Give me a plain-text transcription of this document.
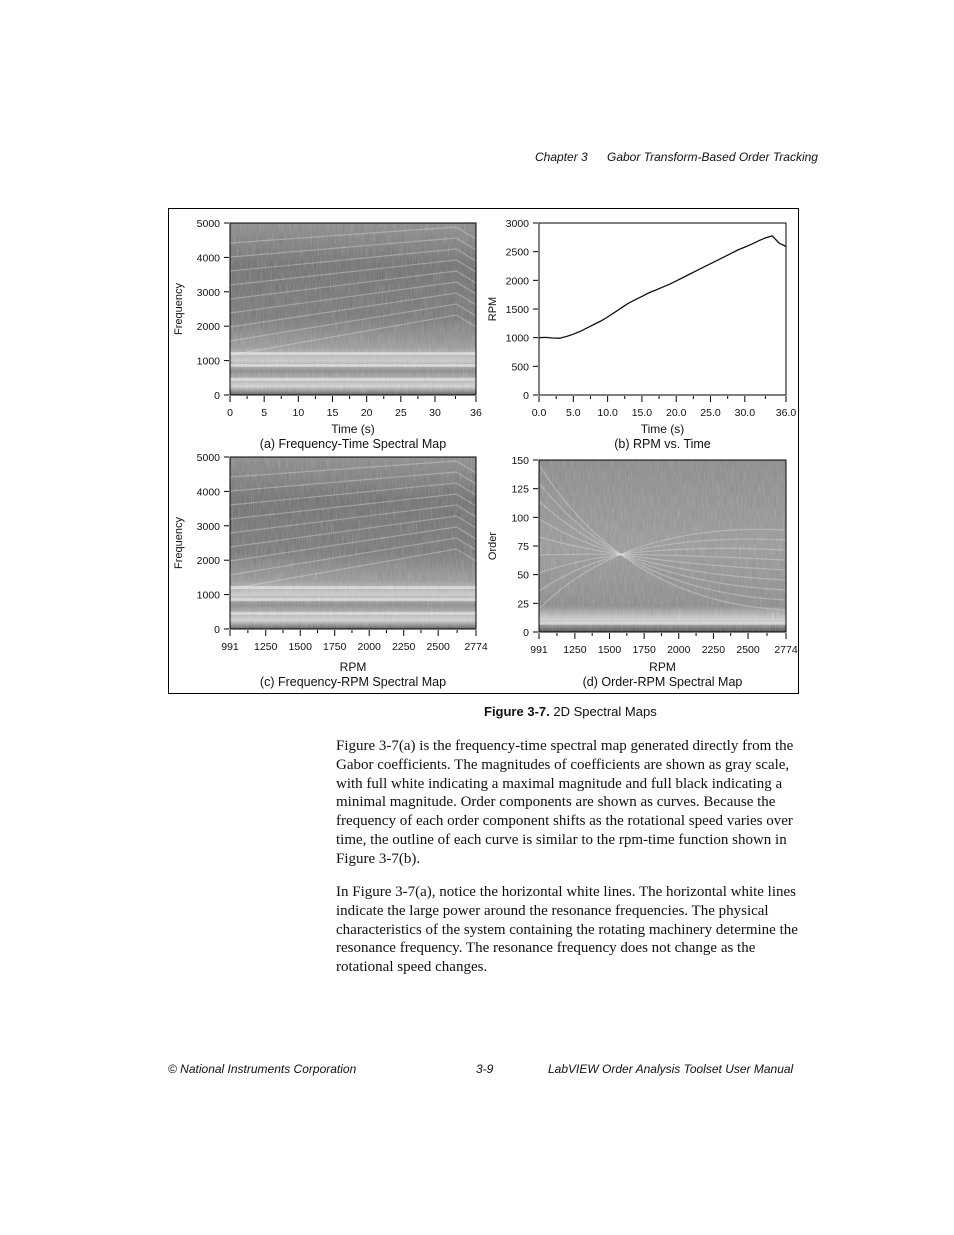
Chapter 3 Gabor Transform-Based Order Tracking
0
1000
2000
3000
4000
5000
0	5 10 15 20 25 30	36
Time (s)
Frequency
(a) Frequency-Time Spectral Map
0
500
1000
1500
2000
2500
3000
0.0 5.0 10.0 15.0 20.0 25.0 30.0 36.0
Time (s)
RPM
(b) RPM vs. Time
0
1000
2000
3000
4000
5000
991 1250 1500 1750 2000 2250 2500 2774
RPM
Frequency
(c) Frequency-RPM Spectral Map
0
25
50
75
100
125
150
991 1250 1500 1750 2000 2250 2500 2774
RPM
Order
(d) Order-RPM Spectral Map
Figure 3-7. 2D Spectral Maps

Figure 3-7(a) is the frequency-time spectral map generated directly from the Gabor coefficients. The magnitudes of coefficients are shown as gray scale, with full white indicating a maximal magnitude and full black indicating a minimal magnitude. Order components are shown as curves. Because the frequency of each order component shifts as the rotational speed varies over time, the outline of each curve is similar to the rpm-time function shown in Figure 3-7(b).

In Figure 3-7(a), notice the horizontal white lines. The horizontal white lines indicate the large power around the resonance frequencies. The physical characteristics of the system containing the rotating machinery determine the resonance frequency. The resonance frequency does not change as the rotational speed changes.

© National Instruments Corporation	3-9	LabVIEW Order Analysis Toolset User Manual
